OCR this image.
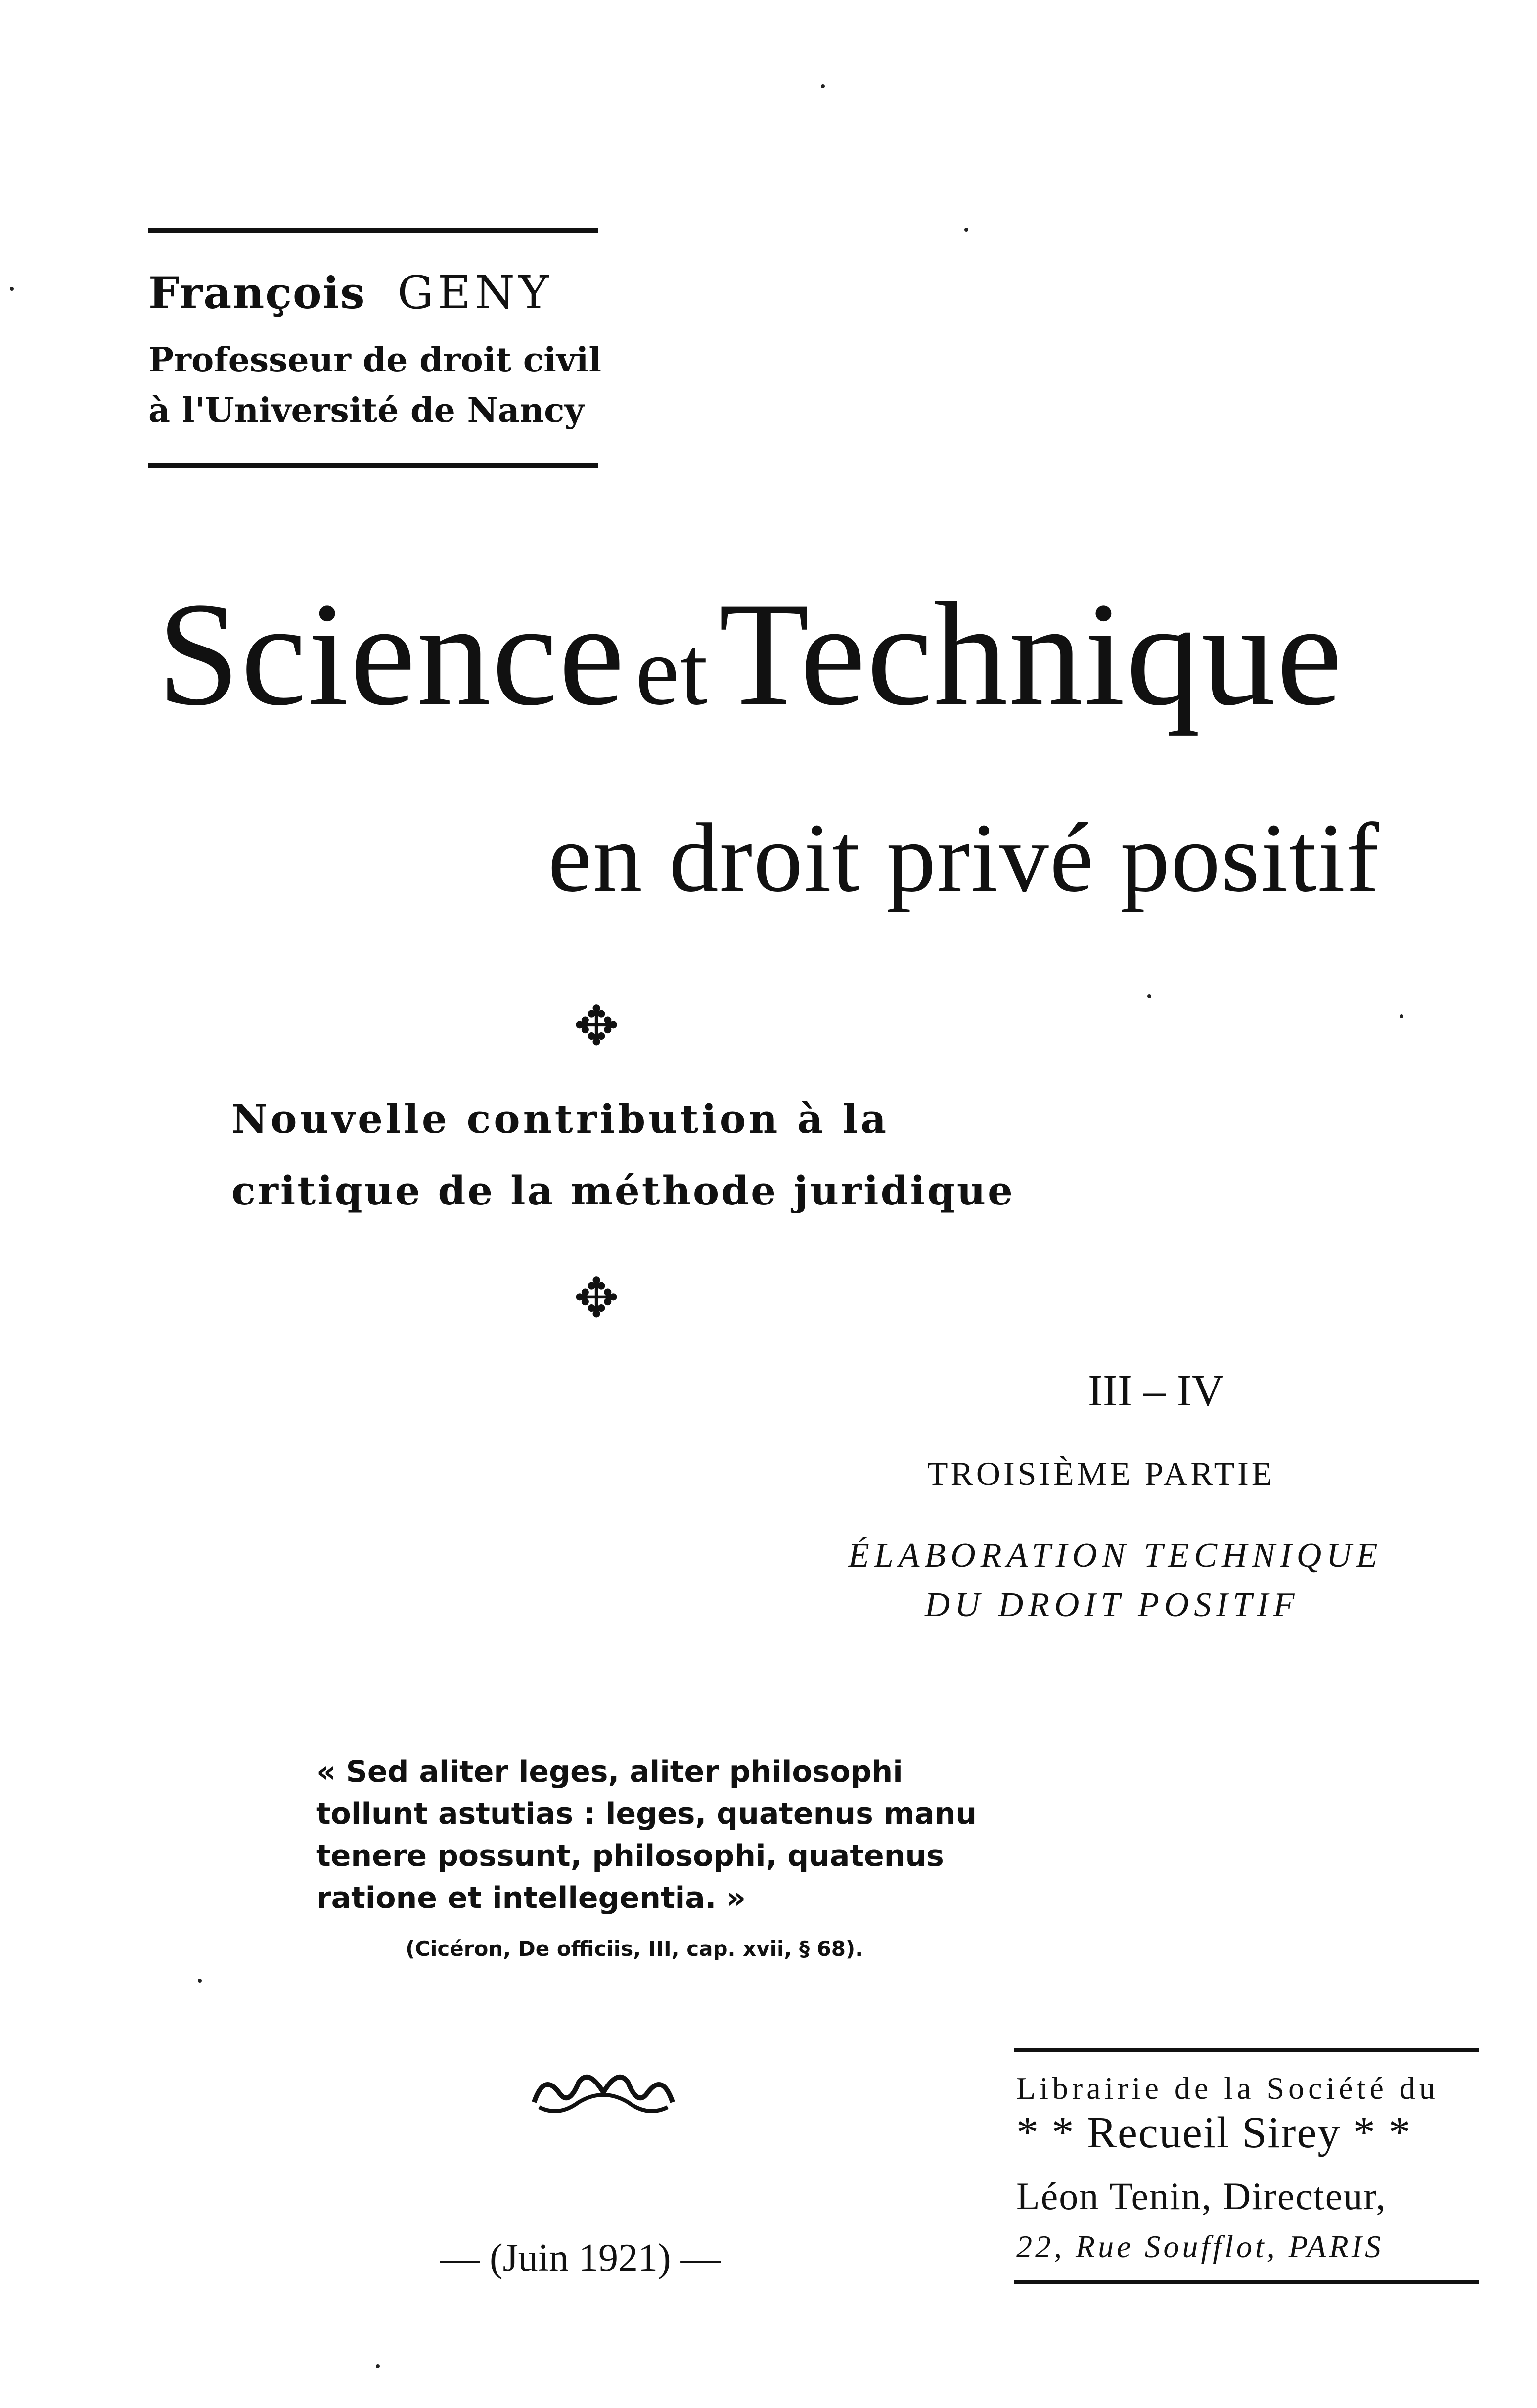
François GENY
Professeur de droit civil
à l'Université de Nancy
Science etTechnique
en droit privé positif
✥
Nouvelle contribution à la
critique de la méthode juridique
✥
III – IV
TROISIÈME PARTIE
ÉLABORATION TECHNIQUE
DU DROIT POSITIF
« Sed aliter leges, aliter philosophi
tollunt astutias : leges, quatenus manu
tenere possunt, philosophi, quatenus
ratione et intellegentia. »
(Cicéron, De officiis, III, cap. xvii, § 68).
— (Juin 1921) —
Librairie de la Société du
* * Recueil Sirey * *
Léon Tenin, Directeur,
22, Rue Soufflot, PARIS
